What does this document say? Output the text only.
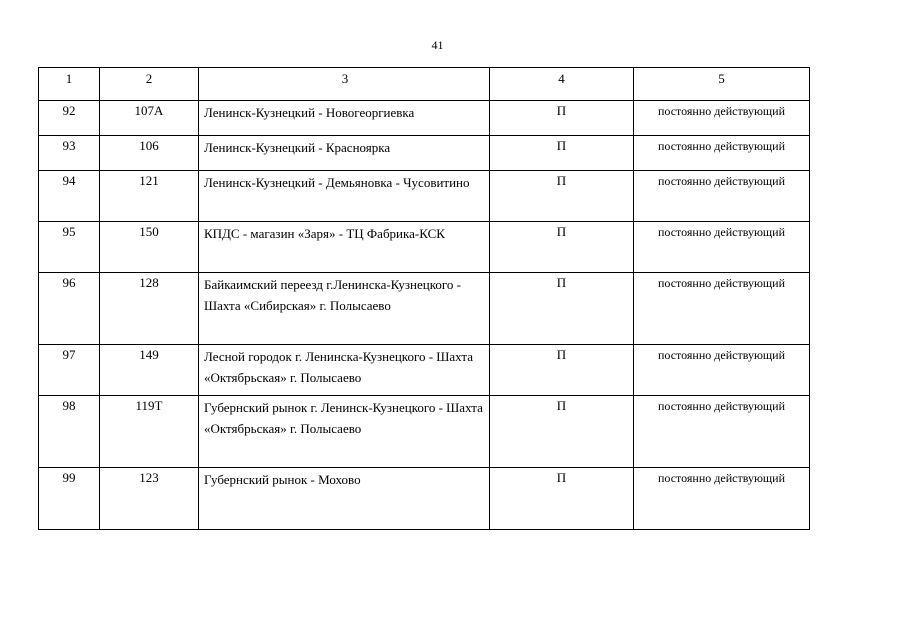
41
1	2	3	4	5
92	107А	Ленинск-Кузнецкий - Новогеоргиевка	П	постоянно действующий

93	106	Ленинск-Кузнецкий - Красноярка	П	постоянно действующий

94	121	Ленинск-Кузнецкий - Демьяновка - Чусовитино	П	постоянно действующий

95	150	КПДС - магазин «Заря» - ТЦ Фабрика-КСК	П	постоянно действующий

96	128	Байкаимский переезд г.Ленинска-Кузнецкого - Шахта «Сибирская» г. Полысаево	П	постоянно действующий

97	149	Лесной городок г. Ленинска-Кузнецкого - Шахта «Октябрьская» г. Полысаево	П	постоянно действующий

98	119Т	Губернский рынок г. Ленинск-Кузнецкого - Шахта «Октябрьская» г. Полысаево	П	постоянно действующий

99	123	Губернский рынок - Мохово	П	постоянно действующий
